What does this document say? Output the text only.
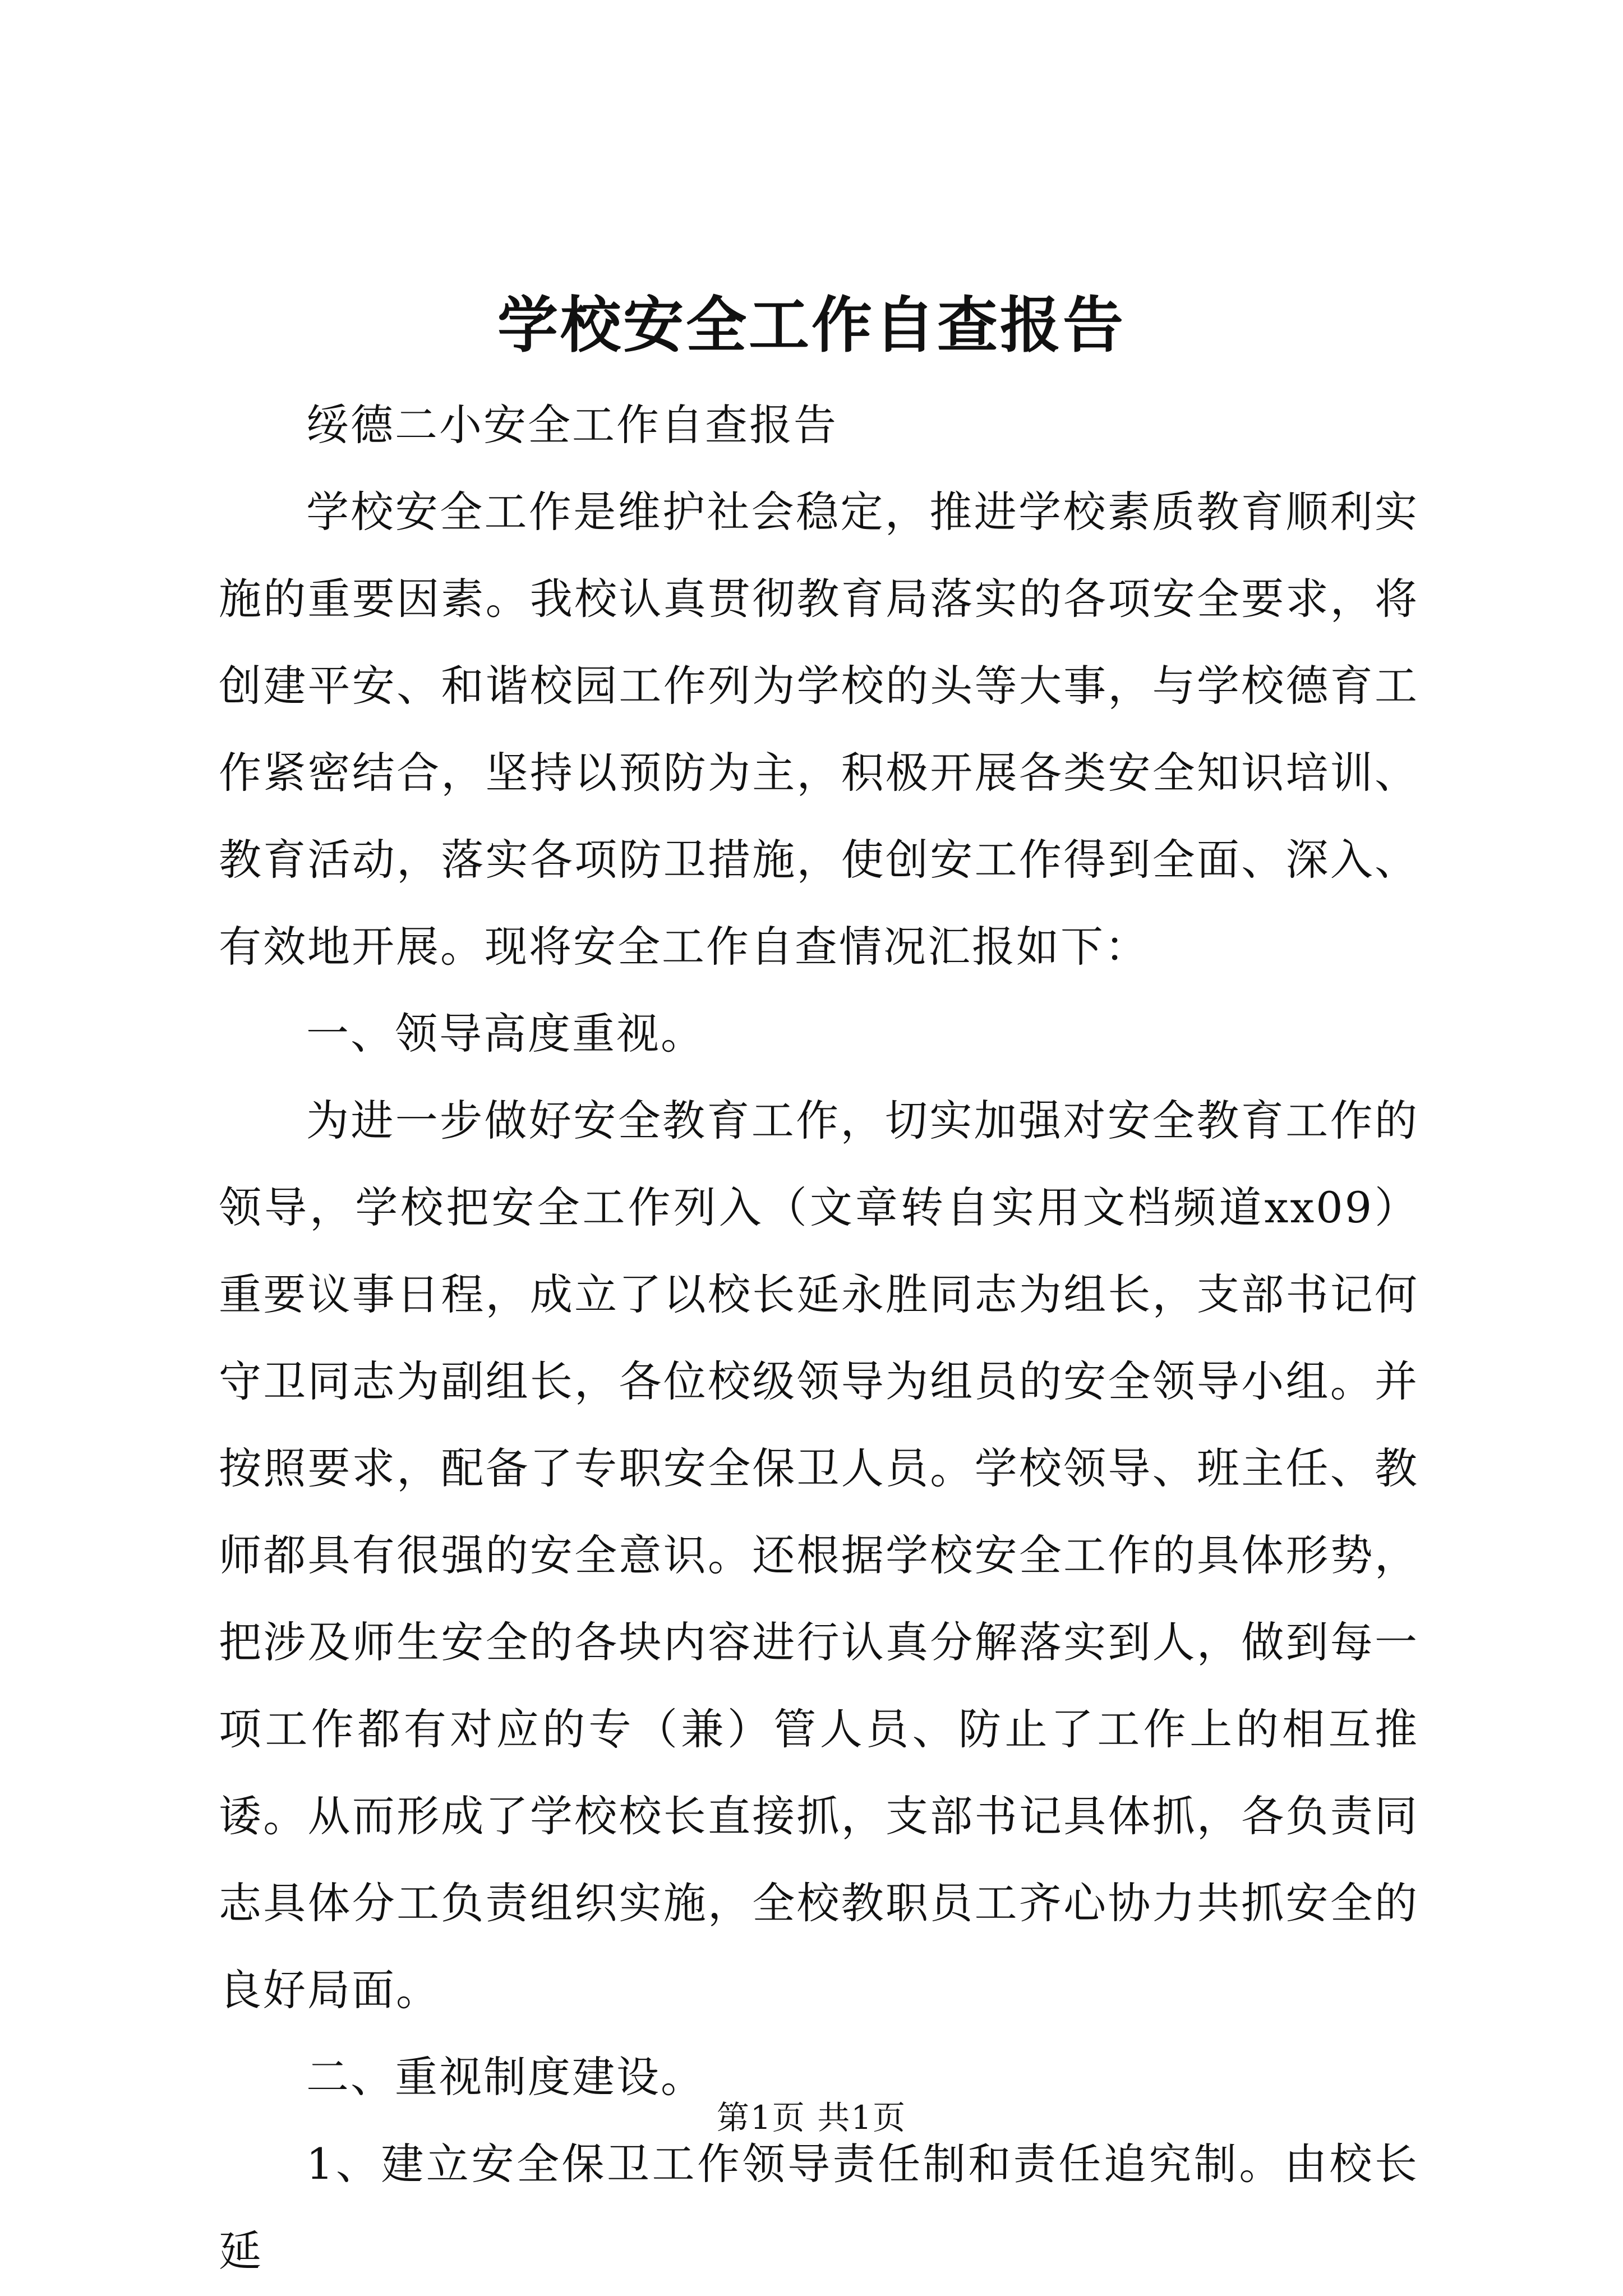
学校安全工作自查报告

绥德二小安全工作自查报告

学校安全工作是维护社会稳定，推进学校素质教育顺利实施的重要因素。我校认真贯彻教育局落实的各项安全要求，将创建平安、和谐校园工作列为学校的头等大事，与学校德育工作紧密结合，坚持以预防为主，积极开展各类安全知识培训、教育活动，落实各项防卫措施，使创安工作得到全面、深入、有效地开展。现将安全工作自查情况汇报如下：

一、领导高度重视。

为进一步做好安全教育工作，切实加强对安全教育工作的领导，学校把安全工作列入（文章转自实用文档频道xx09）重要议事日程，成立了以校长延永胜同志为组长，支部书记何守卫同志为副组长，各位校级领导为组员的安全领导小组。并按照要求，配备了专职安全保卫人员。学校领导、班主任、教师都具有很强的安全意识。还根据学校安全工作的具体形势，把涉及师生安全的各块内容进行认真分解落实到人，做到每一项工作都有对应的专（兼）管人员、防止了工作上的相互推诿。从而形成了学校校长直接抓，支部书记具体抓，各负责同志具体分工负责组织实施，全校教职员工齐心协力共抓安全的良好局面。

二、重视制度建设。

1、建立安全保卫工作领导责任制和责任追究制。由校长延

第1页 共1页
